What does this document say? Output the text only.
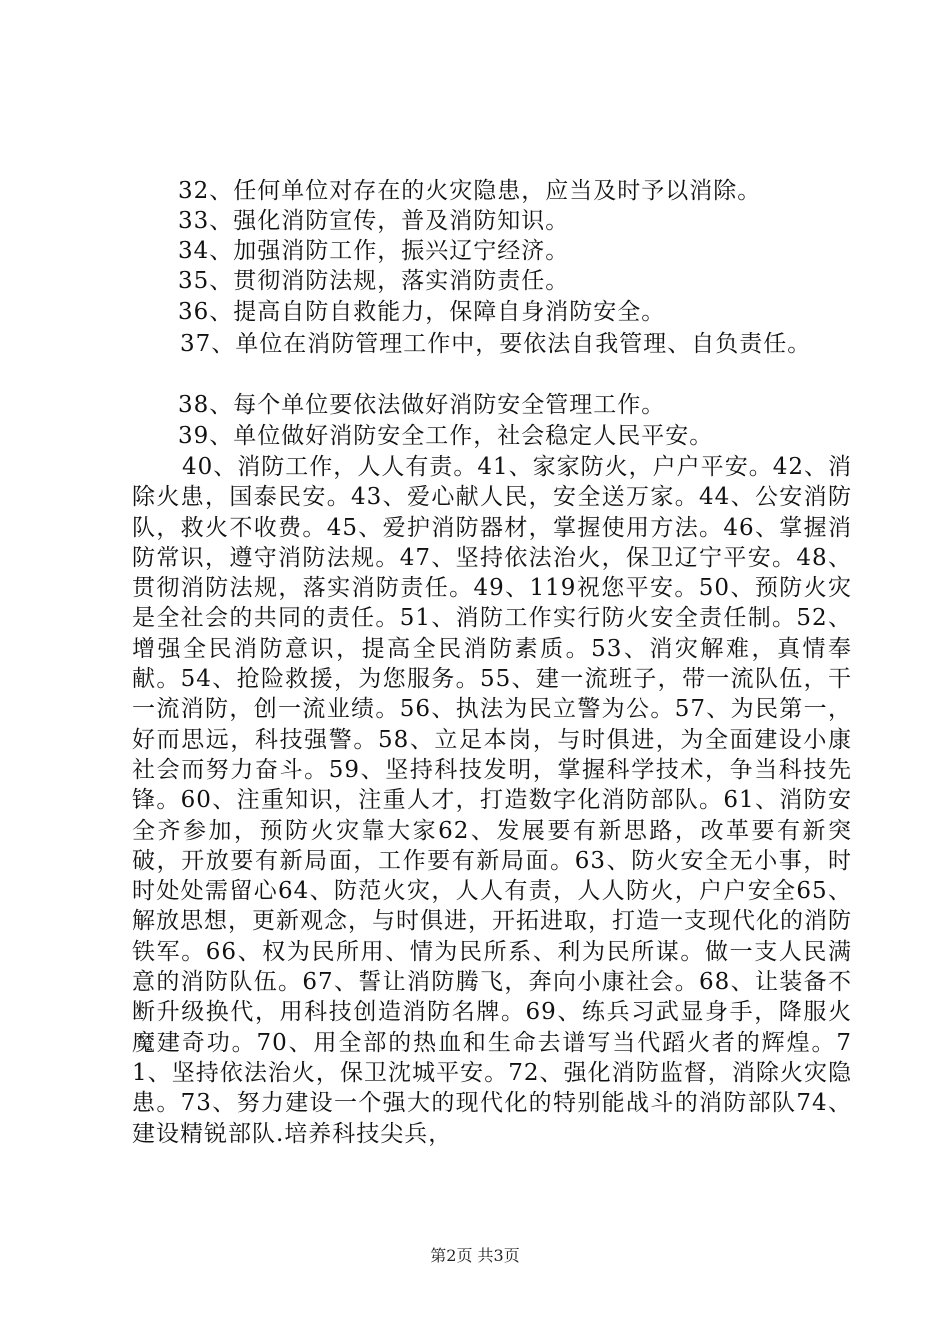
32、任何单位对存在的火灾隐患，应当及时予以消除。
33、强化消防宣传，普及消防知识。
34、加强消防工作，振兴辽宁经济。
35、贯彻消防法规，落实消防责任。
36、提高自防自救能力，保障自身消防安全。
37、单位在消防管理工作中，要依法自我管理、自负责任。
38、每个单位要依法做好消防安全管理工作。
39、单位做好消防安全工作，社会稳定人民平安。
40、消防工作，人人有责。41、家家防火，户户平安。42、消除火患，国泰民安。43、爱心献人民，安全送万家。44、公安消防队，救火不收费。45、爱护消防器材，掌握使用方法。46、掌握消防常识，遵守消防法规。47、坚持依法治火，保卫辽宁平安。48、贯彻消防法规，落实消防责任。49、119祝您平安。50、预防火灾是全社会的共同的责任。51、消防工作实行防火安全责任制。52、增强全民消防意识，提高全民消防素质。53、消灾解难，真情奉献。54、抢险救援，为您服务。55、建一流班子，带一流队伍，干一流消防，创一流业绩。56、执法为民立警为公。57、为民第一，好而思远，科技强警。58、立足本岗，与时俱进，为全面建设小康社会而努力奋斗。59、坚持科技发明，掌握科学技术，争当科技先锋。60、注重知识，注重人才，打造数字化消防部队。61、消防安全齐参加，预防火灾靠大家62、发展要有新思路，改革要有新突破，开放要有新局面，工作要有新局面。63、防火安全无小事，时时处处需留心64、防范火灾，人人有责，人人防火，户户安全65、解放思想，更新观念，与时俱进，开拓进取，打造一支现代化的消防铁军。66、权为民所用、情为民所系、利为民所谋。做一支人民满意的消防队伍。67、誓让消防腾飞，奔向小康社会。68、让装备不断升级换代，用科技创造消防名牌。69、练兵习武显身手，降服火魔建奇功。70、用全部的热血和生命去谱写当代蹈火者的辉煌。71、坚持依法治火，保卫沈城平安。72、强化消防监督，消除火灾隐患。73、努力建设一个强大的现代化的特别能战斗的消防部队74、建设精锐部队.培养科技尖兵，
第2页 共3页
